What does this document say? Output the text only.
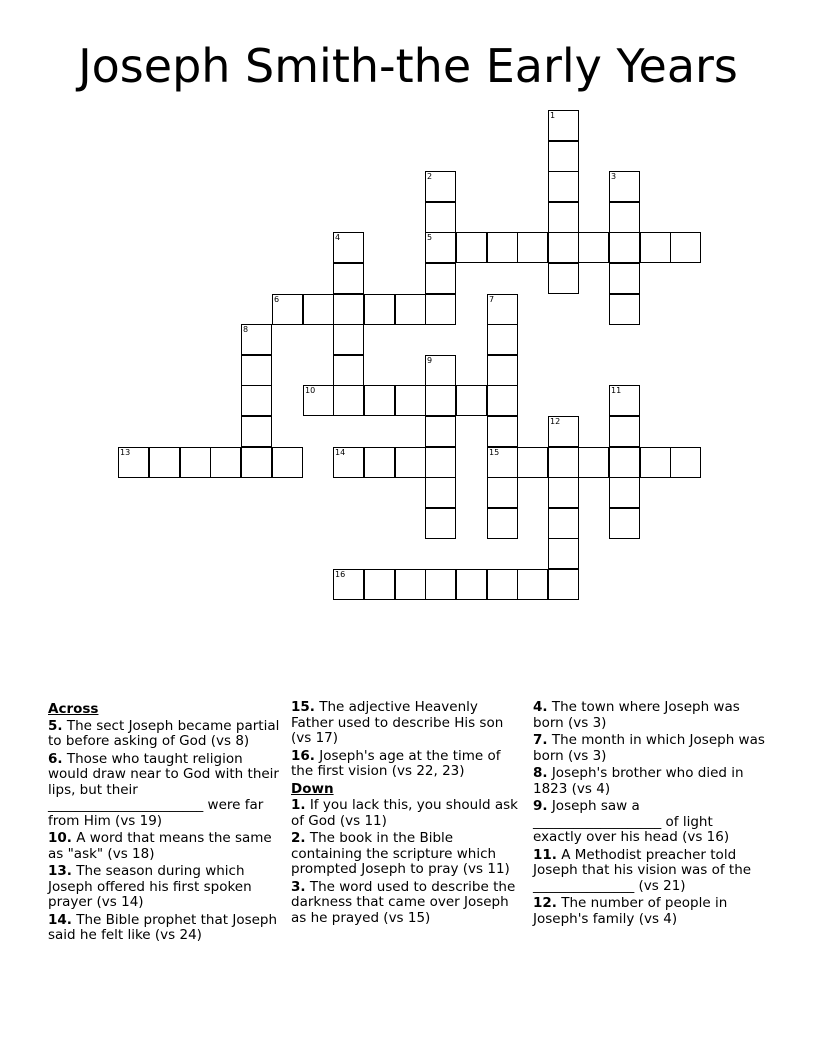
Joseph Smith-the Early Years
1
2
5
3
4
6	7
8
9
10	11
12
13	14	15
16
Across
5. The sect Joseph became partial to before asking of God (vs 8)
6. Those who taught religion would draw near to God with their lips, but their _______________________ were far from Him (vs 19)
10. A word that means the same as "ask" (vs 18)
13. The season during which Joseph offered his first spoken prayer (vs 14)
14. The Bible prophet that Joseph said he felt like (vs 24)
15. The adjective Heavenly Father used to describe His son (vs 17)
16. Joseph's age at the time of the first vision (vs 22, 23)
Down
1. If you lack this, you should ask of God (vs 11)
2. The book in the Bible containing the scripture which prompted Joseph to pray (vs 11)
3. The word used to describe the darkness that came over Joseph as he prayed (vs 15)
4. The town where Joseph was born (vs 3)
7. The month in which Joseph was born (vs 3)
8. Joseph's brother who died in 1823 (vs 4)
9. Joseph saw a ___________________ of light exactly over his head (vs 16)
11. A Methodist preacher told Joseph that his vision was of the _______________ (vs 21)
12. The number of people in Joseph's family (vs 4)
